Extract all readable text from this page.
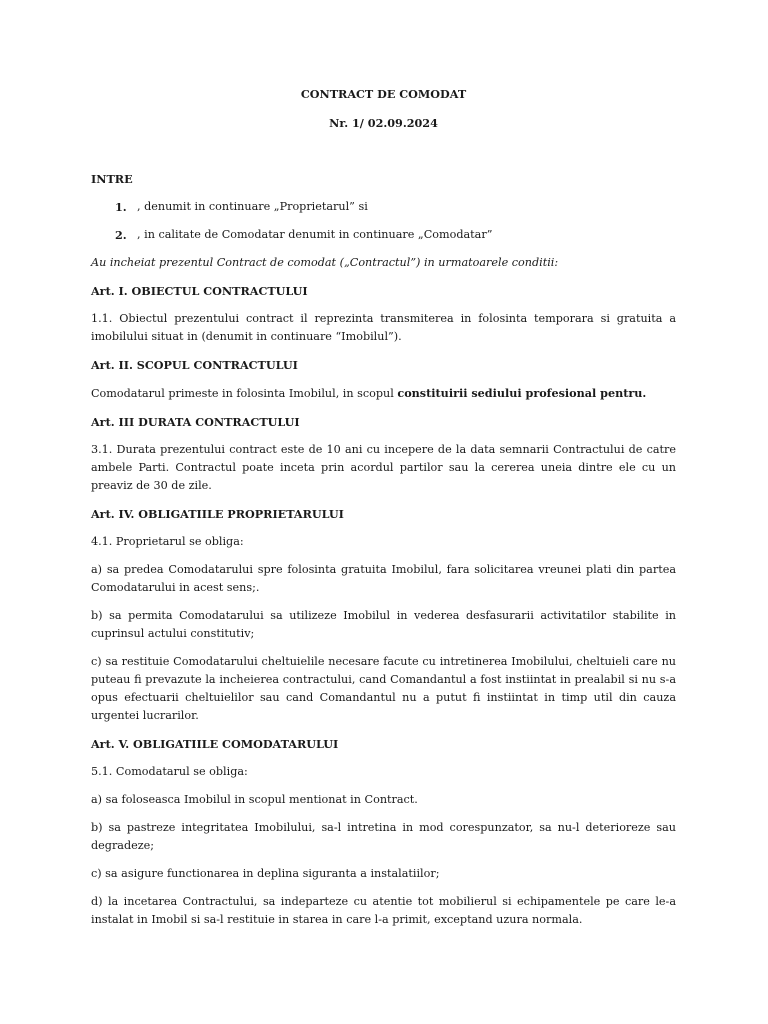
CONTRACT DE COMODAT
Nr. 1/ 02.09.2024
INTRE
1. , denumit in continuare „Proprietarul” si
2. , in calitate de Comodatar denumit in continuare „Comodatar”

Au incheiat prezentul Contract de comodat („Contractul”) in urmatoarele conditii:

Art. I. OBIECTUL CONTRACTULUI

1.1. Obiectul prezentului contract il reprezinta transmiterea in folosinta temporara si gratuita a imobilului situat in (denumit in continuare “Imobilul”).

Art. II. SCOPUL CONTRACTULUI

Comodatarul primeste in folosinta Imobilul, in scopul constituirii sediului profesional pentru.

Art. III DURATA CONTRACTULUI

3.1. Durata prezentului contract este de 10 ani cu incepere de la data semnarii Contractului de catre ambele Parti. Contractul poate inceta prin acordul partilor sau la cererea uneia dintre ele cu un preaviz de 30 de zile.

Art. IV. OBLIGATIILE PROPRIETARULUI

4.1. Proprietarul se obliga:

a) sa predea Comodatarului spre folosinta gratuita Imobilul, fara solicitarea vreunei plati din partea Comodatarului in acest sens;.

b) sa permita Comodatarului sa utilizeze Imobilul in vederea desfasurarii activitatilor stabilite in cuprinsul actului constitutiv;

c) sa restituie Comodatarului cheltuielile necesare facute cu intretinerea Imobilului, cheltuieli care nu puteau fi prevazute la incheierea contractului, cand Comandantul a fost instiintat in prealabil si nu s-a opus efectuarii cheltuielilor sau cand Comandantul nu a putut fi instiintat in timp util din cauza urgentei lucrarilor.

Art. V. OBLIGATIILE COMODATARULUI

5.1. Comodatarul se obliga:

a) sa foloseasca Imobilul in scopul mentionat in Contract.

b) sa pastreze integritatea Imobilului, sa-l intretina in mod corespunzator, sa nu-l deterioreze sau degradeze;

c) sa asigure functionarea in deplina siguranta a instalatiilor;

d) la incetarea Contractului, sa indeparteze cu atentie tot mobilierul si echipamentele pe care le-a instalat in Imobil si sa-l restituie in starea in care l-a primit, exceptand uzura normala.
